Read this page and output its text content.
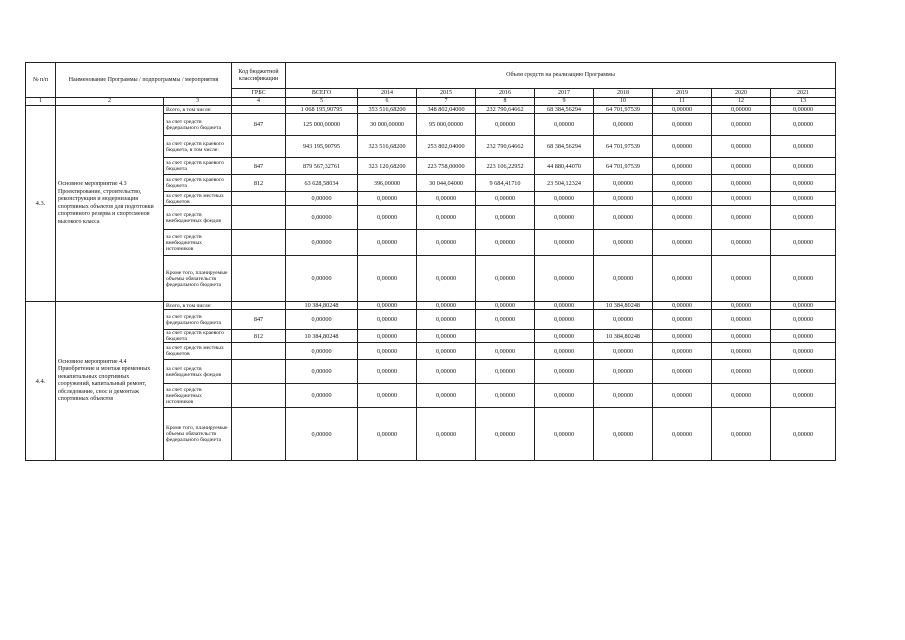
№ п/п	Наименование Программы / подпрограммы / мероприятия		Код бюджетной классификации	Объем средств на реализацию Программы								
			ГРБС	ВСЕГО	2014	2015	2016	2017	2018	2019	2020	2021
1	2	3	4	5	6	7	8	9	10	11	12	13
4.3.	Основное мероприятие 4.3 Проектирование, строительство, реконструкция и модернизация спортивных объектов для подготовки спортивного резерва и спортсменов высокого класса	Всего, в том числе:		1 068 195,90795	353 516,68200	348 802,04000	232 790,64662	68 384,56294	64 701,97539	0,00000	0,00000	0,00000
		за счет средств федерального бюджета	847	125 000,00000	30 000,00000	95 000,00000	0,00000	0,00000	0,00000	0,00000	0,00000	0,00000
		за счет средств краевого бюджета, в том числе:		943 195,90795	323 516,68200	253 802,04000	232 790,64662	68 384,56294	64 701,97539	0,00000	0,00000	0,00000
		за счет средств краевого бюджета	847	879 567,32761	323 120,68200	223 758,00000	223 106,22952	44 880,44070	64 701,97539	0,00000	0,00000	0,00000
		за счет средств краевого бюджета	812	63 628,58034	396,00000	30 044,04000	9 684,41710	23 504,12324	0,00000	0,00000	0,00000	0,00000
		за счет средств местных бюджетов		0,00000	0,00000	0,00000	0,00000	0,00000	0,00000	0,00000	0,00000	0,00000
		за счет средств внебюджетных фондов		0,00000	0,00000	0,00000	0,00000	0,00000	0,00000	0,00000	0,00000	0,00000
		за счет средств внебюджетных источников		0,00000	0,00000	0,00000	0,00000	0,00000	0,00000	0,00000	0,00000	0,00000
		Кроме того, планируемые объемы обязательств федерального бюджета		0,00000	0,00000	0,00000	0,00000	0,00000	0,00000	0,00000	0,00000	0,00000
4.4.	Основное мероприятие 4.4 Приобретение и монтаж временных некапитальных спортивных сооружений, капитальный ремонт, обследование, снос и демонтаж спортивных объектов	Всего, в том числе:		10 384,80248	0,00000	0,00000	0,00000	0,00000	10 384,80248	0,00000	0,00000	0,00000
		за счет средств федерального бюджета	847	0,00000	0,00000	0,00000	0,00000	0,00000	0,00000	0,00000	0,00000	0,00000
		за счет средств краевого бюджета	812	10 384,80248	0,00000	0,00000		0,00000	10 384,80248	0,00000	0,00000	0,00000
		за счет средств местных бюджетов		0,00000	0,00000	0,00000	0,00000	0,00000	0,00000	0,00000	0,00000	0,00000
		за счет средств внебюджетных фондов		0,00000	0,00000	0,00000	0,00000	0,00000	0,00000	0,00000	0,00000	0,00000
		за счет средств внебюджетных источников		0,00000	0,00000	0,00000	0,00000	0,00000	0,00000	0,00000	0,00000	0,00000
		Кроме того, планируемые объемы обязательств федерального бюджета		0,00000	0,00000	0,00000	0,00000	0,00000	0,00000	0,00000	0,00000	0,00000
